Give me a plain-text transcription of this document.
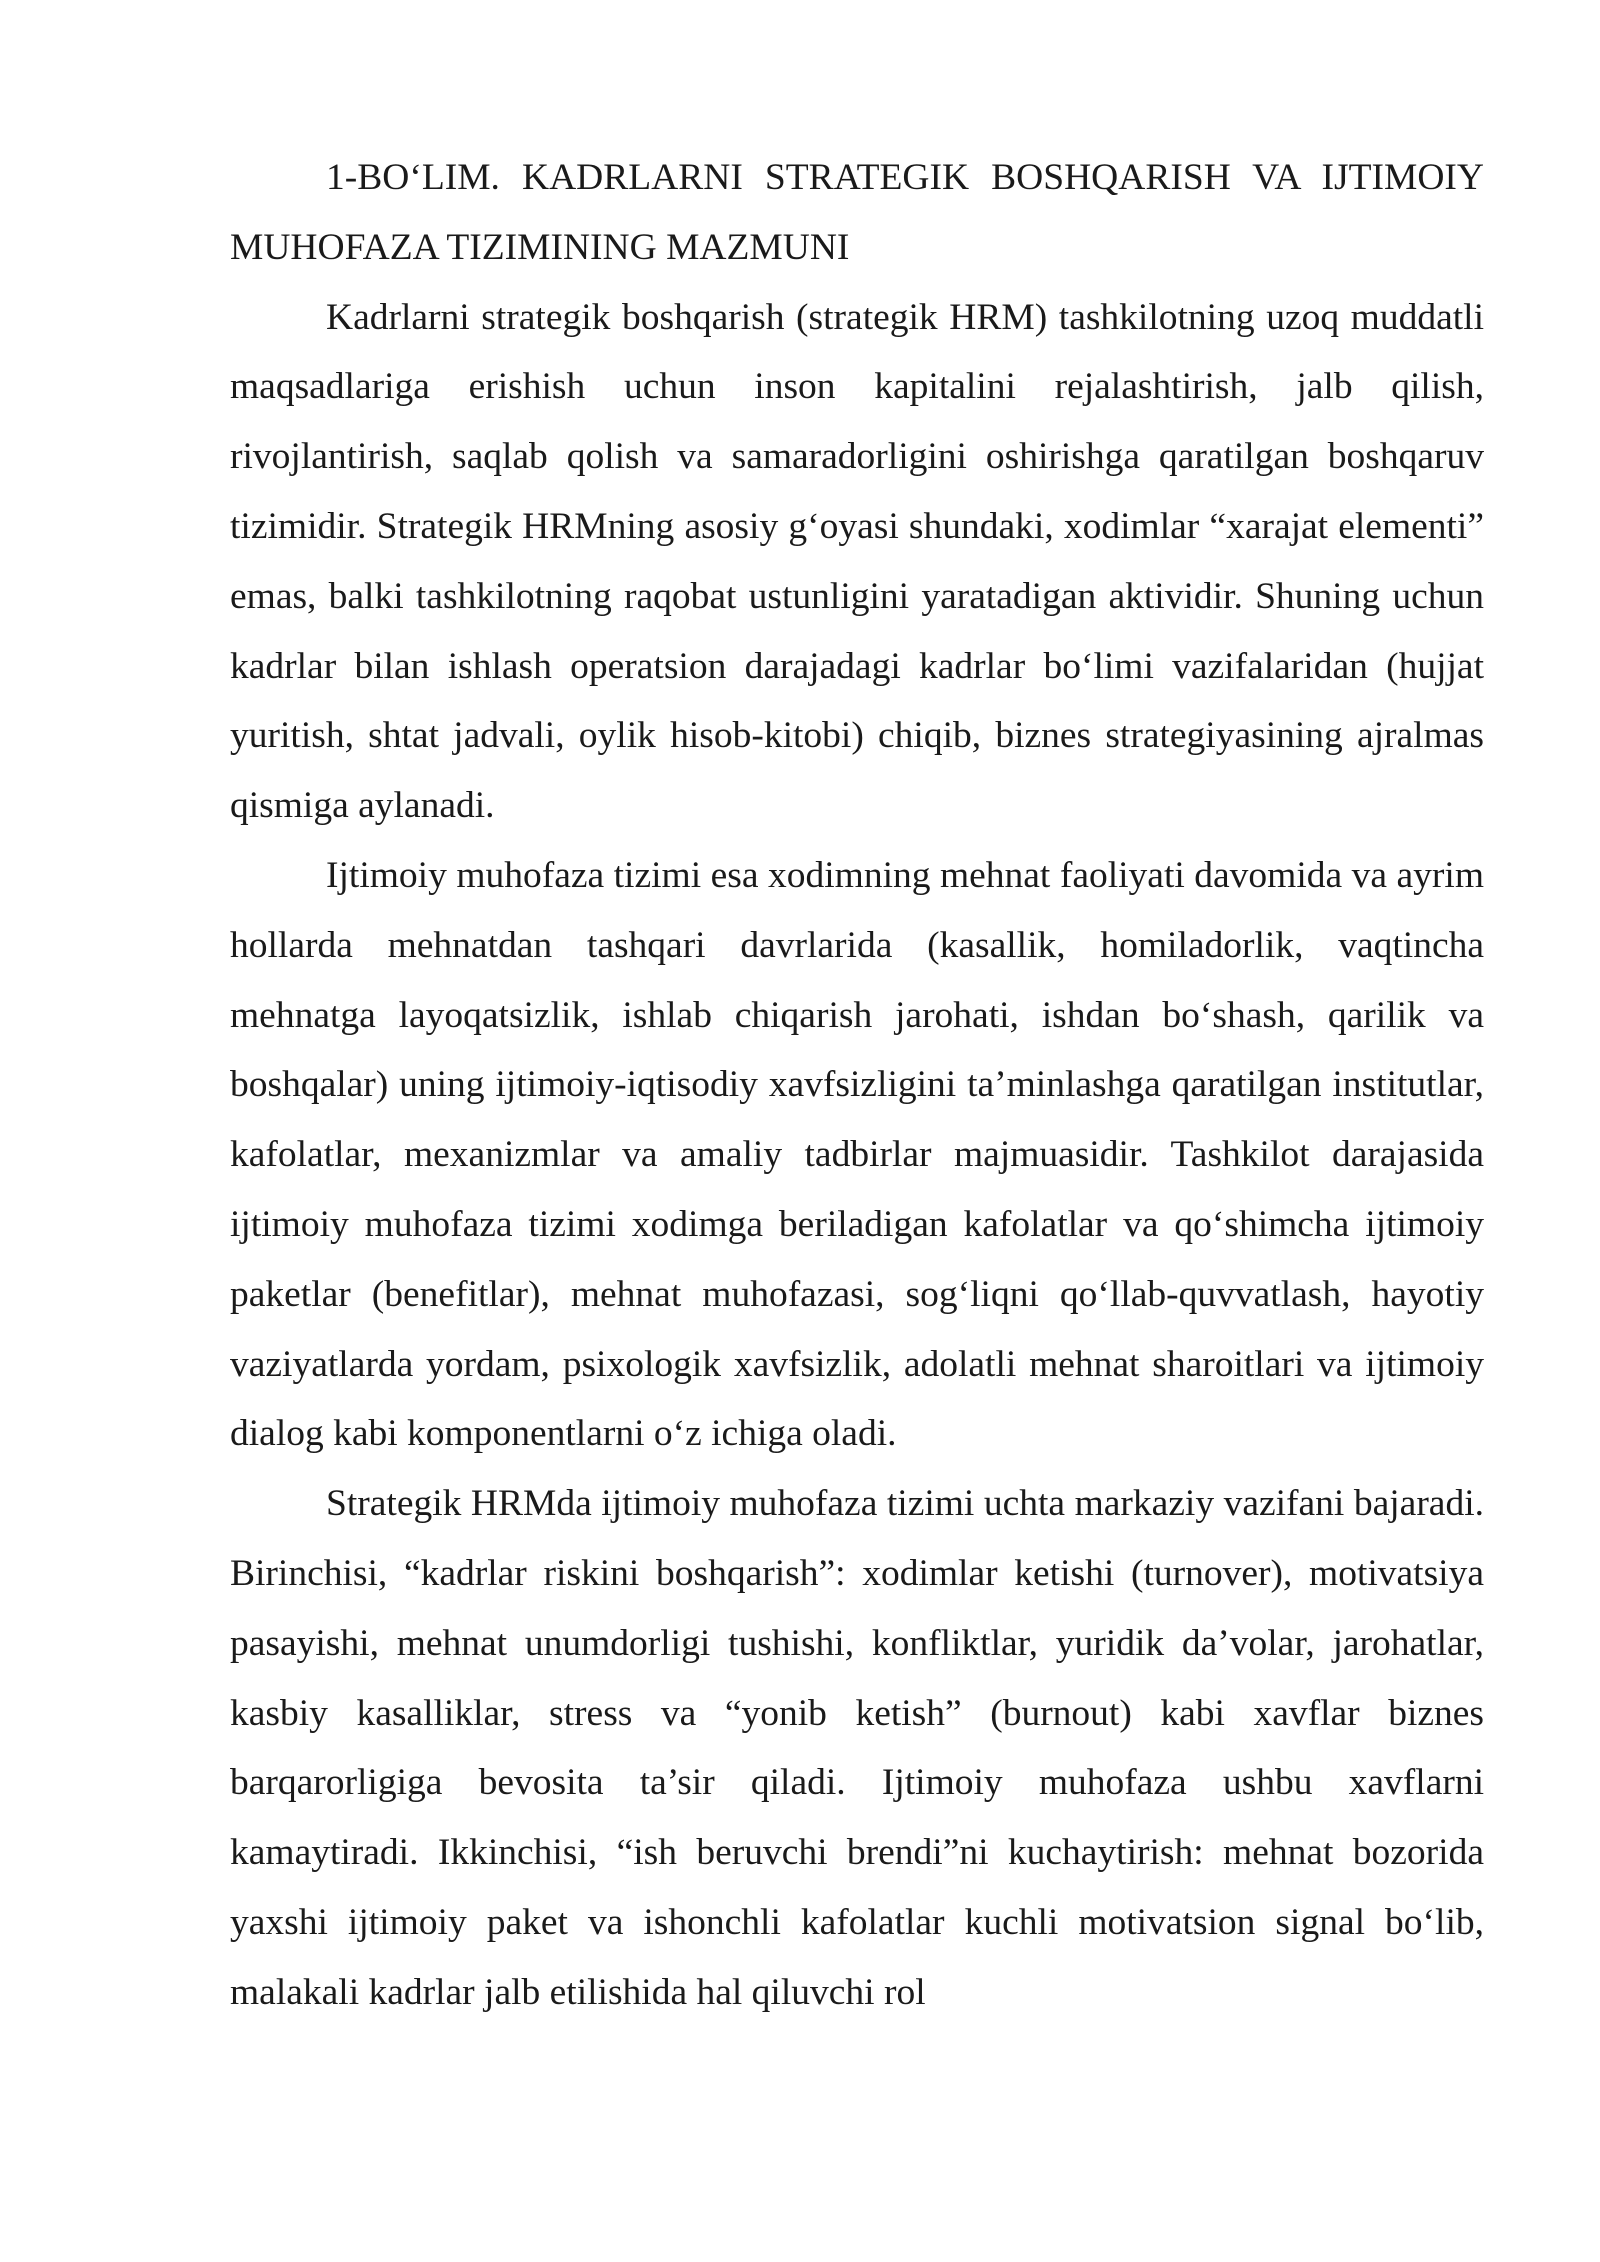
1-BO‘LIM. KADRLARNI STRATEGIK BOSHQARISH VA IJTIMOIY MUHOFAZA TIZIMINING MAZMUNI

Kadrlarni strategik boshqarish (strategik HRM) tashkilotning uzoq muddatli maqsadlariga erishish uchun inson kapitalini rejalashtirish, jalb qilish, rivojlantirish, saqlab qolish va samaradorligini oshirishga qaratilgan boshqaruv tizimidir. Strategik HRMning asosiy g‘oyasi shundaki, xodimlar “xarajat elementi” emas, balki tashkilotning raqobat ustunligini yaratadigan aktividir. Shuning uchun kadrlar bilan ishlash operatsion darajadagi kadrlar bo‘limi vazifalaridan (hujjat yuritish, shtat jadvali, oylik hisob-kitobi) chiqib, biznes strategiyasining ajralmas qismiga aylanadi.

Ijtimoiy muhofaza tizimi esa xodimning mehnat faoliyati davomida va ayrim hollarda mehnatdan tashqari davrlarida (kasallik, homiladorlik, vaqtincha mehnatga layoqatsizlik, ishlab chiqarish jarohati, ishdan bo‘shash, qarilik va boshqalar) uning ijtimoiy-iqtisodiy xavfsizligini ta’minlashga qaratilgan institutlar, kafolatlar, mexanizmlar va amaliy tadbirlar majmuasidir. Tashkilot darajasida ijtimoiy muhofaza tizimi xodimga beriladigan kafolatlar va qo‘shimcha ijtimoiy paketlar (benefitlar), mehnat muhofazasi, sog‘liqni qo‘llab-quvvatlash, hayotiy vaziyatlarda yordam, psixologik xavfsizlik, adolatli mehnat sharoitlari va ijtimoiy dialog kabi komponentlarni o‘z ichiga oladi.

Strategik HRMda ijtimoiy muhofaza tizimi uchta markaziy vazifani bajaradi. Birinchisi, “kadrlar riskini boshqarish”: xodimlar ketishi (turnover), motivatsiya pasayishi, mehnat unumdorligi tushishi, konfliktlar, yuridik da’volar, jarohatlar, kasbiy kasalliklar, stress va “yonib ketish” (burnout) kabi xavflar biznes barqarorligiga bevosita ta’sir qiladi. Ijtimoiy muhofaza ushbu xavflarni kamaytiradi. Ikkinchisi, “ish beruvchi brendi”ni kuchaytirish: mehnat bozorida yaxshi ijtimoiy paket va ishonchli kafolatlar kuchli motivatsion signal bo‘lib, malakali kadrlar jalb etilishida hal qiluvchi rol
